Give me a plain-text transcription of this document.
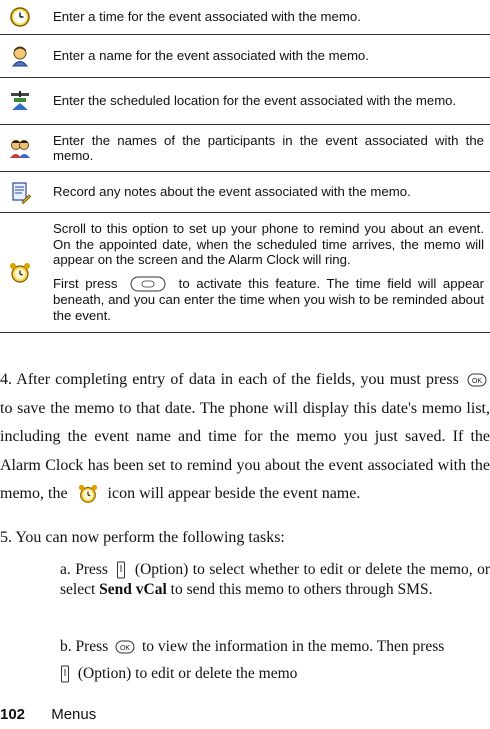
	Enter a time for the event associated with the memo.
	Enter a name for the event associated with the memo.
	Enter the scheduled location for the event associated with the memo.
	Enter the names of the participants in the event associated with the memo.
	Record any notes about the event associated with the memo.

Scroll to this option to set up your phone to remind you about an event. On the appointed date, when the scheduled time arrives, the memo will appear on the screen and the Alarm Clock will ring.

First press to activate this feature. The time field will appear beneath, and you can enter the time when you wish to be reminded about the event.

4. After completing entry of data in each of the fields, you must press OK
to save the memo to that date. The phone will display this date's memo list, including the event name and time for the memo you just saved. If the Alarm Clock has been set to remind you about the event associated with the memo, the	icon will appear beside the event name.
5. You can now perform the following tasks:
a. Press  (Option) to select whether to edit or delete the memo, or select Send vCal to send this memo to others through SMS.
b. Press OK to view the information in the memo. Then press
(Option) to edit or delete the memo
102 Menus
